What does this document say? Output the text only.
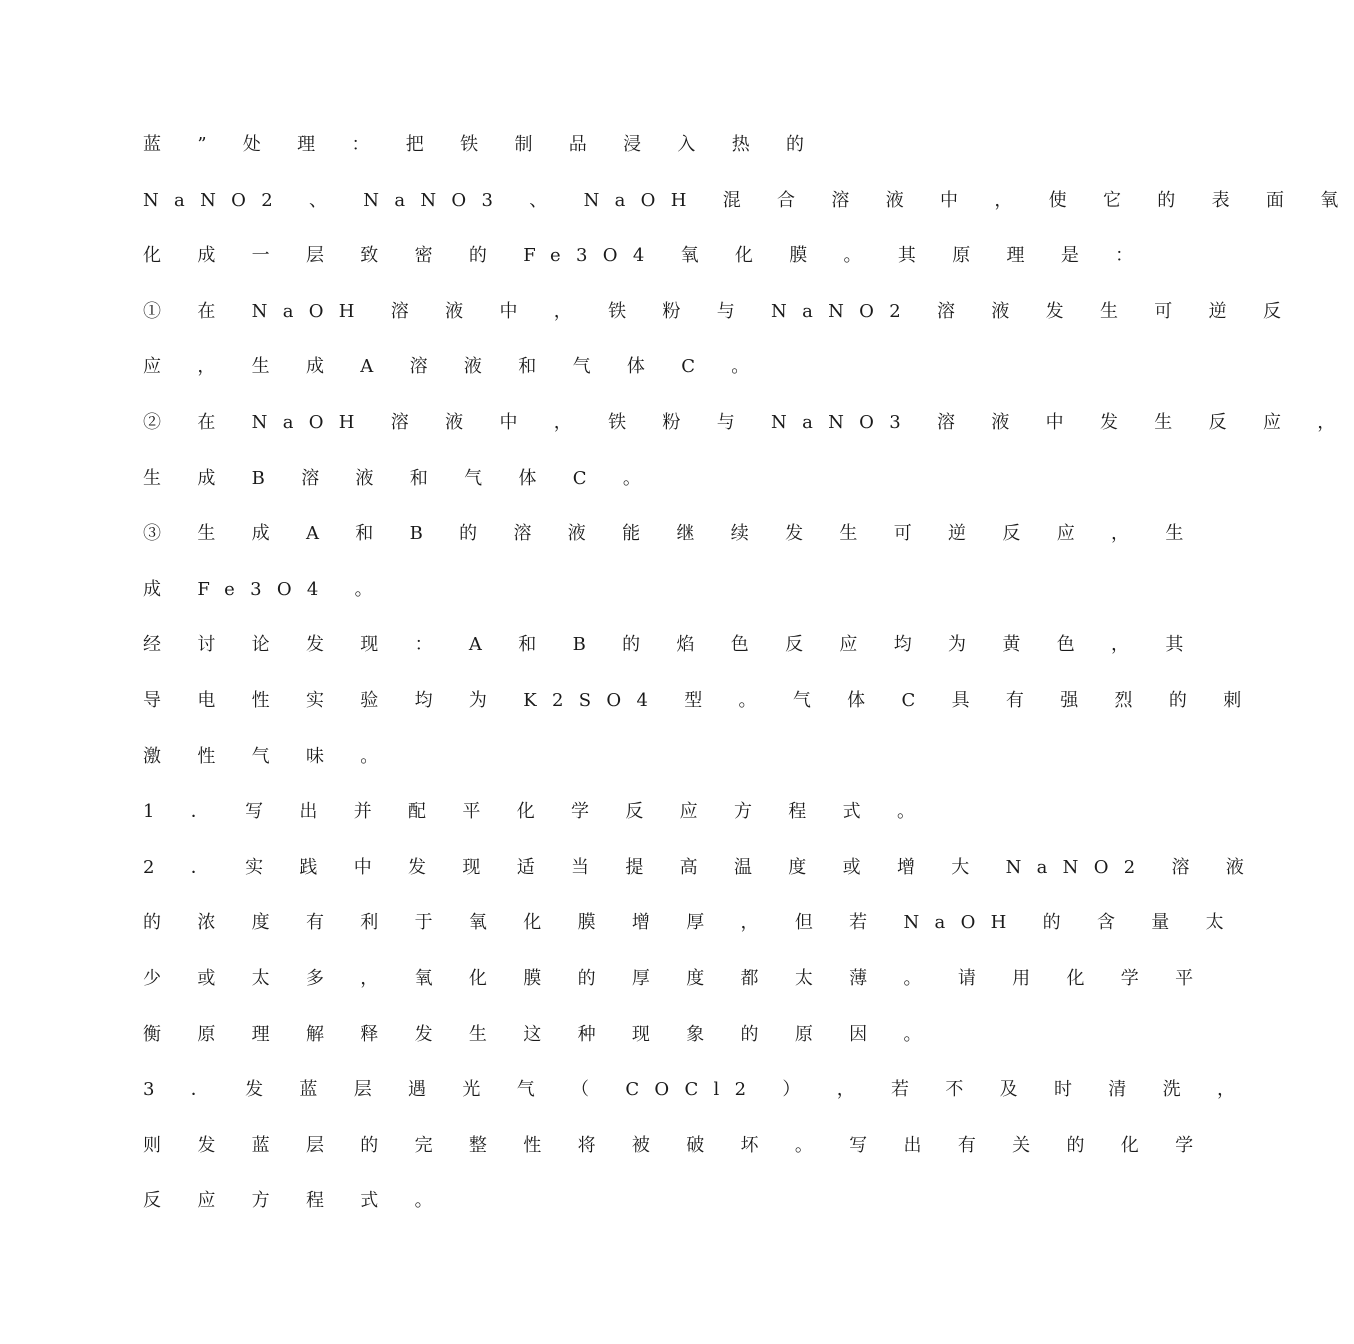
蓝 ” 处 理 ： 把 铁 制 品 浸 入 热 的

NaNO2 、 NaNO3 、 NaOH 混 合 溶 液 中 ， 使 它 的 表 面 氧

化 成 一 层 致 密 的 Fe3O4 氧 化 膜 。 其 原 理 是 ：

① 在 NaOH 溶 液 中 ， 铁 粉 与 NaNO2 溶 液 发 生 可 逆 反

应 ， 生 成 A 溶 液 和 气 体 C 。

② 在 NaOH 溶 液 中 ， 铁 粉 与 NaNO3 溶 液 中 发 生 反 应 ，

生 成 B 溶 液 和 气 体 C 。

③ 生 成 A 和 B 的 溶 液 能 继 续 发 生 可 逆 反 应 ， 生

成 Fe3O4 。

经 讨 论 发 现 ： A 和 B 的 焰 色 反 应 均 为 黄 色 ， 其

导 电 性 实 验 均 为 K2SO4 型 。 气 体 C 具 有 强 烈 的 刺

激 性 气 味 。

1 ． 写 出 并 配 平 化 学 反 应 方 程 式 。

2 ． 实 践 中 发 现 适 当 提 高 温 度 或 增 大 NaNO2 溶 液

的 浓 度 有 利 于 氧 化 膜 增 厚 ， 但 若 NaOH 的 含 量 太

少 或 太 多 ， 氧 化 膜 的 厚 度 都 太 薄 。 请 用 化 学 平

衡 原 理 解 释 发 生 这 种 现 象 的 原 因 。

3 ． 发 蓝 层 遇 光 气 （ COCl2 ） ， 若 不 及 时 清 洗 ，

则 发 蓝 层 的 完 整 性 将 被 破 坏 。 写 出 有 关 的 化 学

反 应 方 程 式 。
